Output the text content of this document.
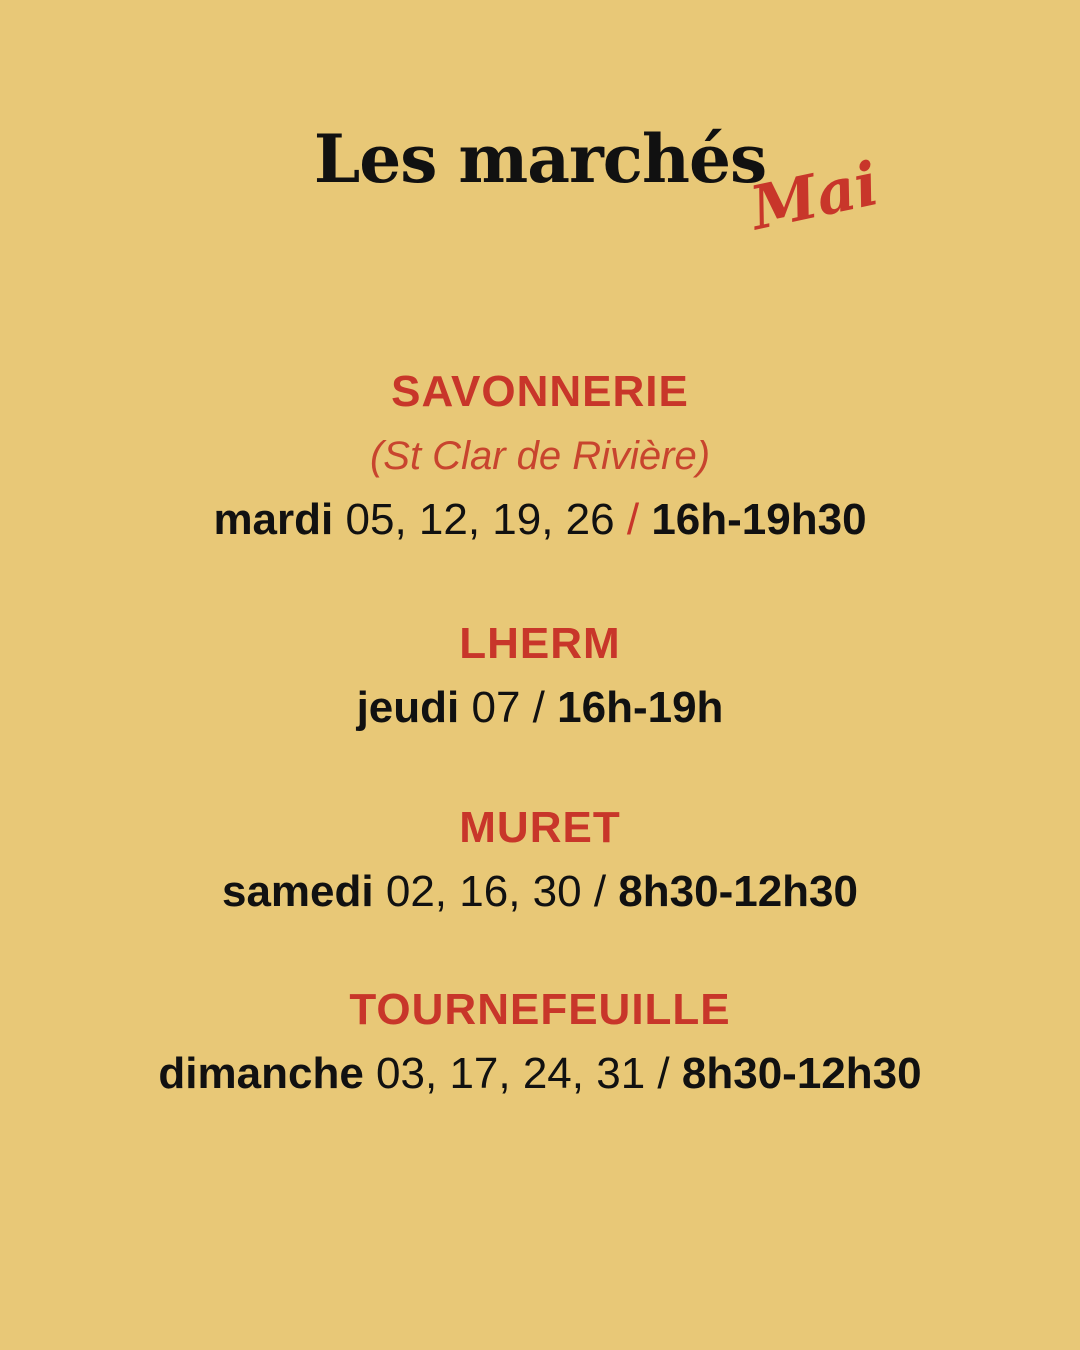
Les marchés
Mai
SAVONNERIE
(St Clar de Rivière)
mardi 05, 12, 19, 26 / 16h-19h30
LHERM
jeudi 07 / 16h-19h
MURET
samedi 02, 16, 30 / 8h30-12h30
TOURNEFEUILLE
dimanche 03, 17, 24, 31 / 8h30-12h30
